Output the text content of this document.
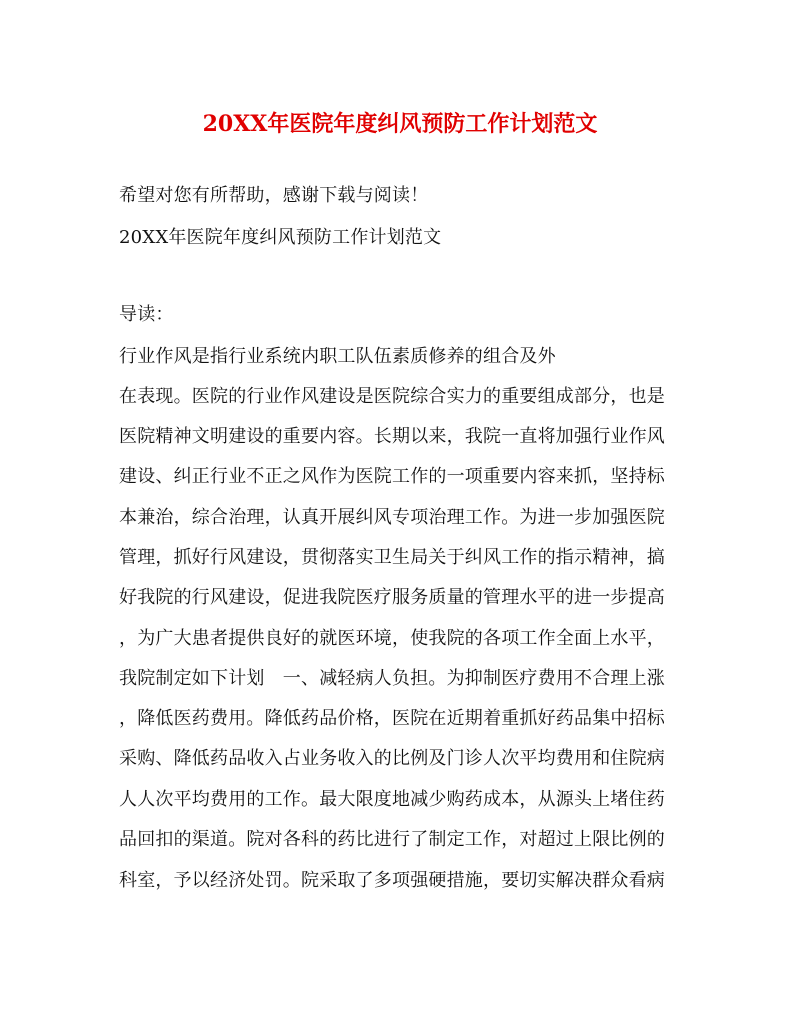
20XX年医院年度纠风预防工作计划范文
希望对您有所帮助，感谢下载与阅读！
20XX年医院年度纠风预防工作计划范文
导读：
行业作风是指行业系统内职工队伍素质修养的组合及外
在表现。医院的行业作风建设是医院综合实力的重要组成部分，也是
医院精神文明建设的重要内容。长期以来，我院一直将加强行业作风
建设、纠正行业不正之风作为医院工作的一项重要内容来抓，坚持标
本兼治，综合治理，认真开展纠风专项治理工作。为进一步加强医院
管理，抓好行风建设，贯彻落实卫生局关于纠风工作的指示精神，搞
好我院的行风建设，促进我院医疗服务质量的管理水平的进一步提高
，为广大患者提供良好的就医环境，使我院的各项工作全面上水平，
我院制定如下计划　一、减轻病人负担。为抑制医疗费用不合理上涨
，降低医药费用。降低药品价格，医院在近期着重抓好药品集中招标
采购、降低药品收入占业务收入的比例及门诊人次平均费用和住院病
人人次平均费用的工作。最大限度地减少购药成本，从源头上堵住药
品回扣的渠道。院对各科的药比进行了制定工作，对超过上限比例的
科室，予以经济处罚。院采取了多项强硬措施，要切实解决群众看病
